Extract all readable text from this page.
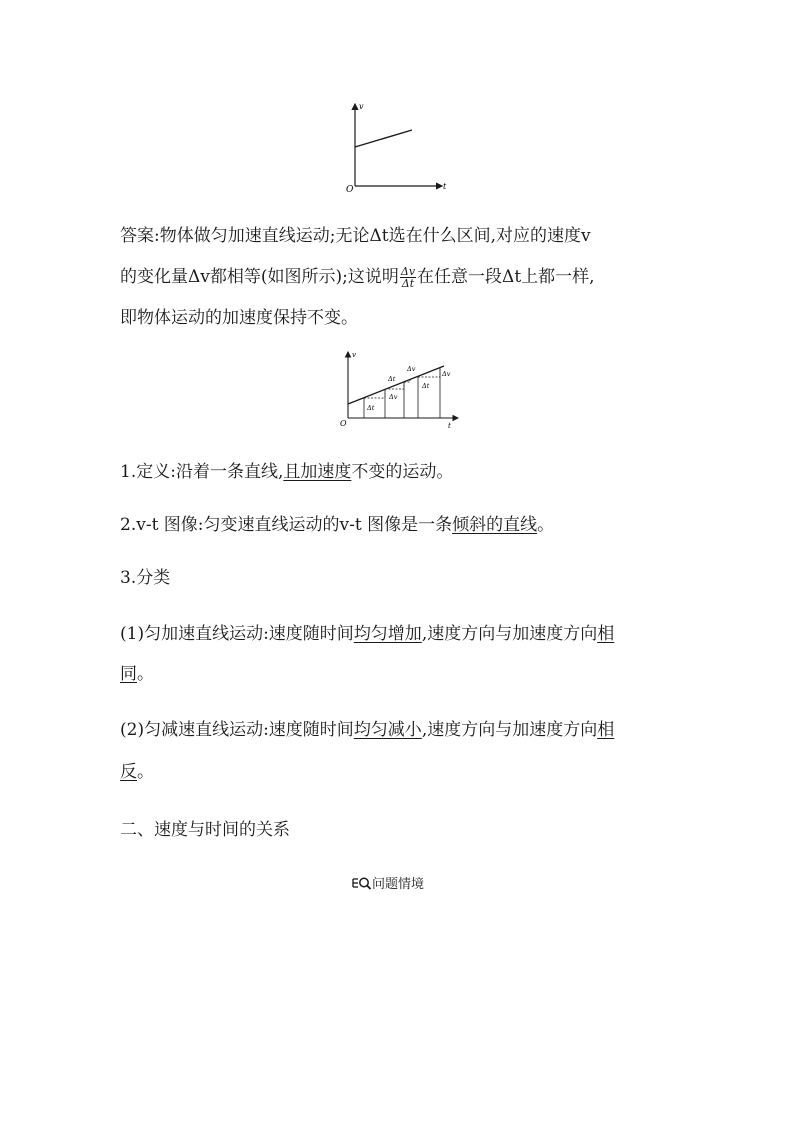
v
t
O
答案:物体做匀加速直线运动;无论Δt选在什么区间,对应的速度v
的变化量Δv都相等(如图所示);这说明 $\frac{\Delta v}{\Delta t}$ 在任意一段Δt上都一样,
即物体运动的加速度保持不变。
Δt
Δv
Δt
Δv
Δt
Δv
v
t
O
1.定义:沿着一条直线,且加速度不变的运动。
2.v-t 图像:匀变速直线运动的v-t 图像是一条倾斜的直线。
3.分类
(1)匀加速直线运动:速度随时间均匀增加,速度方向与加速度方向相
同。
(2)匀减速直线运动:速度随时间均匀减小,速度方向与加速度方向相
反。
二、速度与时间的关系
问题情境
